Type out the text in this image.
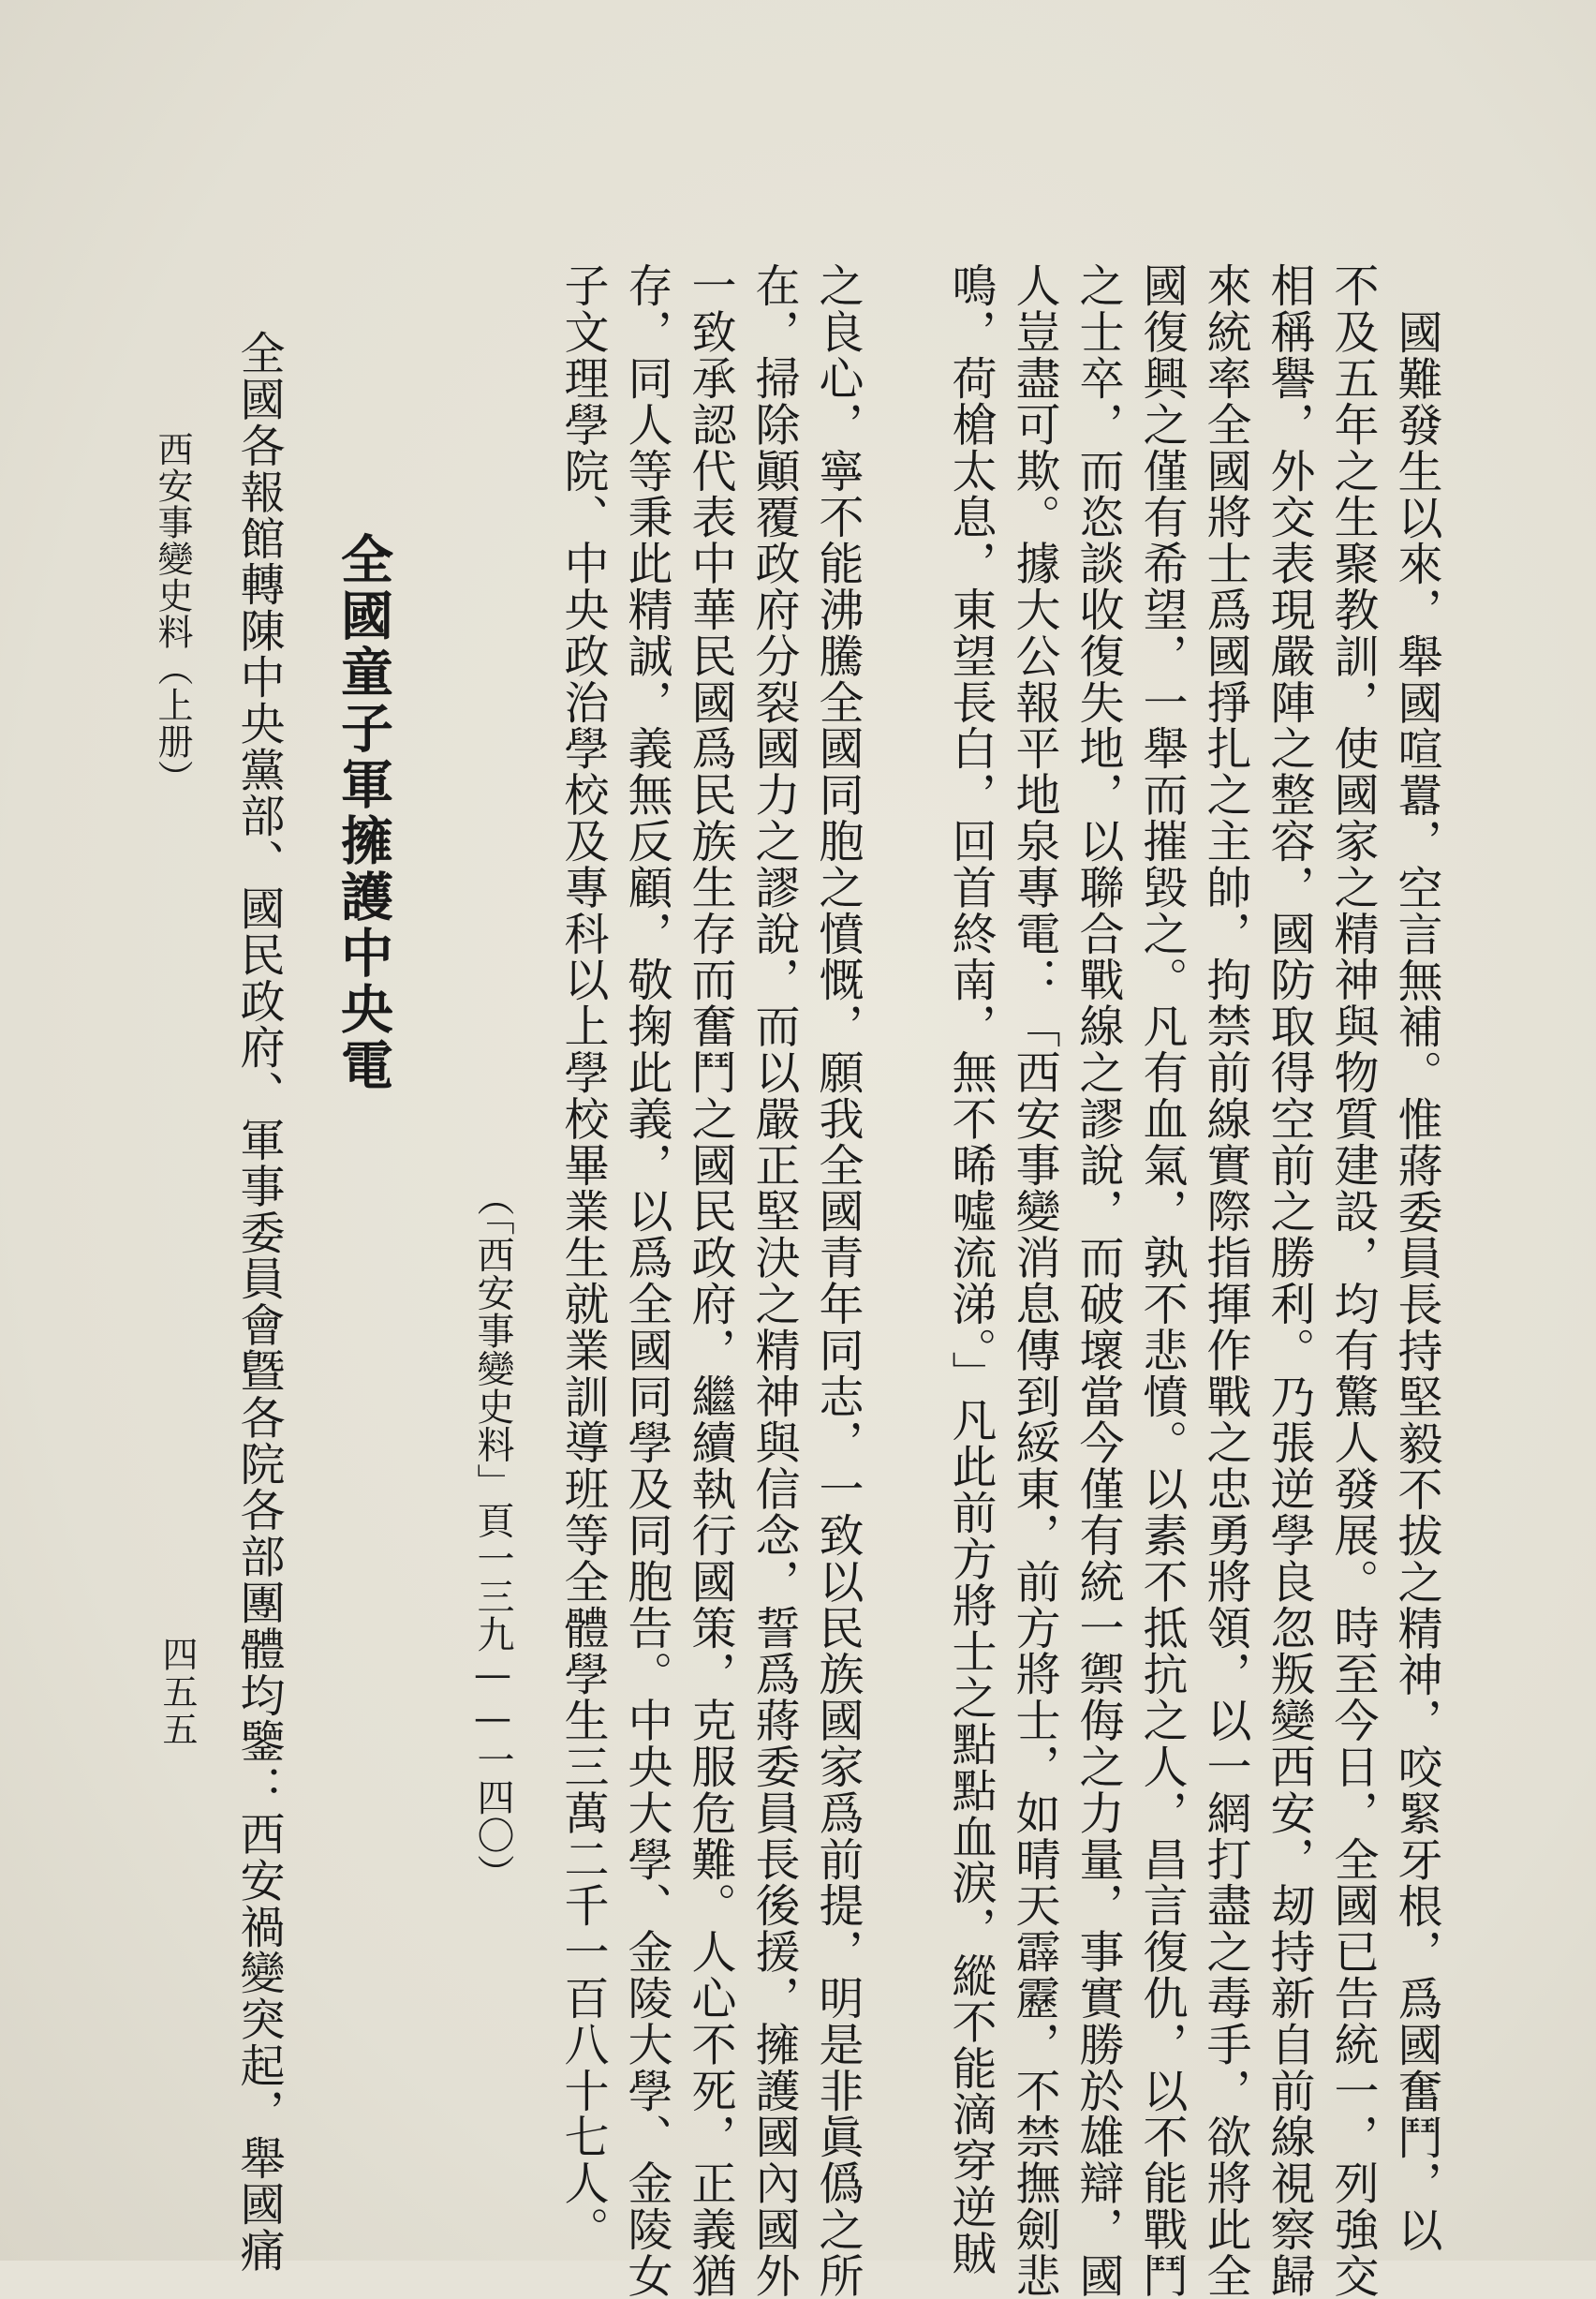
國難發生以來，舉國喧囂，空言無補。惟蔣委員長持堅毅不拔之精神，咬緊牙根，爲國奮鬥，以
不及五年之生聚教訓，使國家之精神與物質建設，均有驚人發展。時至今日，全國已告統一，列強交
相稱譽，外交表現嚴陣之整容，國防取得空前之勝利。乃張逆學良忽叛變西安，刼持新自前線視察歸
來統率全國將士爲國掙扎之主帥，拘禁前線實際指揮作戰之忠勇將領，以一網打盡之毒手，欲將此全
國復興之僅有希望，一舉而摧毀之。凡有血氣，孰不悲憤。以素不抵抗之人，昌言復仇，以不能戰鬥
之士卒，而恣談收復失地，以聯合戰線之謬說，而破壞當今僅有統一禦侮之力量，事實勝於雄辯，國
人豈盡可欺。據大公報平地泉專電：「西安事變消息傳到綏東，前方將士，如晴天霹靂，不禁撫劍悲
鳴，荷槍太息，東望長白，回首終南，無不晞噓流涕。」凡此前方將士之點點血淚，縱不能滴穿逆賊
之良心，寧不能沸騰全國同胞之憤慨，願我全國青年同志，一致以民族國家爲前提，明是非眞僞之所
在，掃除顚覆政府分裂國力之謬說，而以嚴正堅決之精神與信念，誓爲蔣委員長後援，擁護國內國外
一致承認代表中華民國爲民族生存而奮鬥之國民政府，繼續執行國策，克服危難。人心不死，正義猶
存，同人等秉此精誠，義無反顧，敬掬此義，以爲全國同學及同胞告。中央大學、金陵大學、金陵女
子文理學院、中央政治學校及專科以上學校畢業生就業訓導班等全體學生三萬二千一百八十七人。
（「西安事變史料」頁一三九——一四〇）
全國童子軍擁護中央電
全國各報館轉陳中央黨部、國民政府、軍事委員會曁各院各部團體均鑒：西安禍變突起，舉國痛
西安事變史料（上册）
四五五
